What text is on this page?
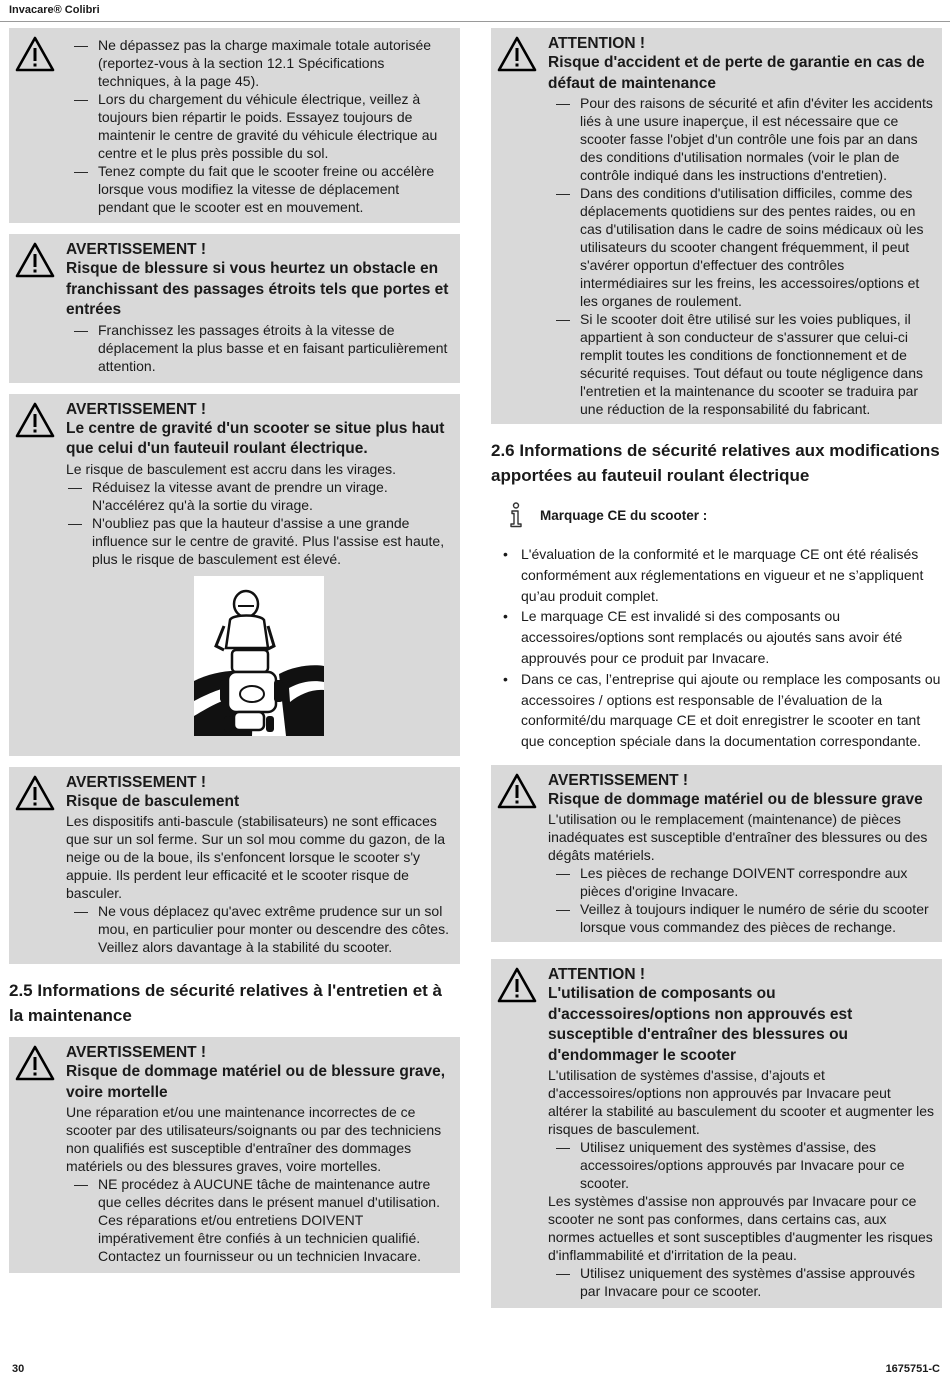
Invacare® Colibri
— Ne dépassez pas la charge maximale totale autorisée (reportez-vous à la section 12.1 Spécifications techniques, à la page 45).
— Lors du chargement du véhicule électrique, veillez à toujours bien répartir le poids. Essayez toujours de maintenir le centre de gravité du véhicule électrique au centre et le plus près possible du sol.
— Tenez compte du fait que le scooter freine ou accélère lorsque vous modifiez la vitesse de déplacement pendant que le scooter est en mouvement.

AVERTISSEMENT !

Risque de blessure si vous heurtez un obstacle en franchissant des passages étroits tels que portes et entrées

— Franchissez les passages étroits à la vitesse de déplacement la plus basse et en faisant particulièrement attention.

AVERTISSEMENT !

Le centre de gravité d'un scooter se situe plus haut que celui d'un fauteuil roulant électrique.

Le risque de basculement est accru dans les virages.

— Réduisez la vitesse avant de prendre un virage. N'accélérez qu'à la sortie du virage.
— N'oubliez pas que la hauteur d'assise a une grande influence sur le centre de gravité. Plus l'assise est haute, plus le risque de basculement est élevé.

AVERTISSEMENT !

Risque de basculement

Les dispositifs anti-bascule (stabilisateurs) ne sont efficaces que sur un sol ferme. Sur un sol mou comme du gazon, de la neige ou de la boue, ils s'enfoncent lorsque le scooter s'y appuie. Ils perdent leur efficacité et le scooter risque de basculer.

— Ne vous déplacez qu'avec extrême prudence sur un sol mou, en particulier pour monter ou descendre des côtes. Veillez alors davantage à la stabilité du scooter.
2.5 Informations de sécurité relatives à l'entretien et à la maintenance

AVERTISSEMENT !

Risque de dommage matériel ou de blessure grave, voire mortelle

Une réparation et/ou une maintenance incorrectes de ce scooter par des utilisateurs/soignants ou par des techniciens non qualifiés est susceptible d'entraîner des dommages matériels ou des blessures graves, voire mortelles.

— NE procédez à AUCUNE tâche de maintenance autre que celles décrites dans le présent manuel d'utilisation. Ces réparations et/ou entretiens DOIVENT impérativement être confiés à un technicien qualifié. Contactez un fournisseur ou un technicien Invacare.

ATTENTION !

Risque d'accident et de perte de garantie en cas de défaut de maintenance

— Pour des raisons de sécurité et afin d'éviter les accidents liés à une usure inaperçue, il est nécessaire que ce scooter fasse l'objet d'un contrôle une fois par an dans des conditions d'utilisation normales (voir le plan de contrôle indiqué dans les instructions d'entretien).
— Dans des conditions d'utilisation difficiles, comme des déplacements quotidiens sur des pentes raides, ou en cas d'utilisation dans le cadre de soins médicaux où les utilisateurs du scooter changent fréquemment, il peut s'avérer opportun d'effectuer des contrôles intermédiaires sur les freins, les accessoires/options et les organes de roulement.
— Si le scooter doit être utilisé sur les voies publiques, il appartient à son conducteur de s'assurer que celui-ci remplit toutes les conditions de fonctionnement et de sécurité requises. Tout défaut ou toute négligence dans l'entretien et la maintenance du scooter se traduira par une réduction de la responsabilité du fabricant.
2.6 Informations de sécurité relatives aux modifications apportées au fauteuil roulant électrique
Marquage CE du scooter :
• L'évaluation de la conformité et le marquage CE ont été réalisés conformément aux réglementations en vigueur et ne s’appliquent qu’au produit complet.
• Le marquage CE est invalidé si des composants ou accessoires/options sont remplacés ou ajoutés sans avoir été approuvés pour ce produit par Invacare.
• Dans ce cas, l’entreprise qui ajoute ou remplace les composants ou accessoires / options est responsable de l’évaluation de la conformité/du marquage CE et doit enregistrer le scooter en tant que conception spéciale dans la documentation correspondante.

AVERTISSEMENT !

Risque de dommage matériel ou de blessure grave

L'utilisation ou le remplacement (maintenance) de pièces inadéquates est susceptible d'entraîner des blessures ou des dégâts matériels.

— Les pièces de rechange DOIVENT correspondre aux pièces d'origine Invacare.
— Veillez à toujours indiquer le numéro de série du scooter lorsque vous commandez des pièces de rechange.

ATTENTION !

L'utilisation de composants ou d'accessoires/options non approuvés est susceptible d'entraîner des blessures ou d'endommager le scooter

L'utilisation de systèmes d'assise, d’ajouts et d'accessoires/options non approuvés par Invacare peut altérer la stabilité au basculement du scooter et augmenter les risques de basculement.

— Utilisez uniquement des systèmes d'assise, des accessoires/options approuvés par Invacare pour ce scooter.

Les systèmes d'assise non approuvés par Invacare pour ce scooter ne sont pas conformes, dans certains cas, aux normes actuelles et sont susceptibles d'augmenter les risques d'inflammabilité et d'irritation de la peau.

— Utilisez uniquement des systèmes d'assise approuvés par Invacare pour ce scooter.
30	1675751-C
